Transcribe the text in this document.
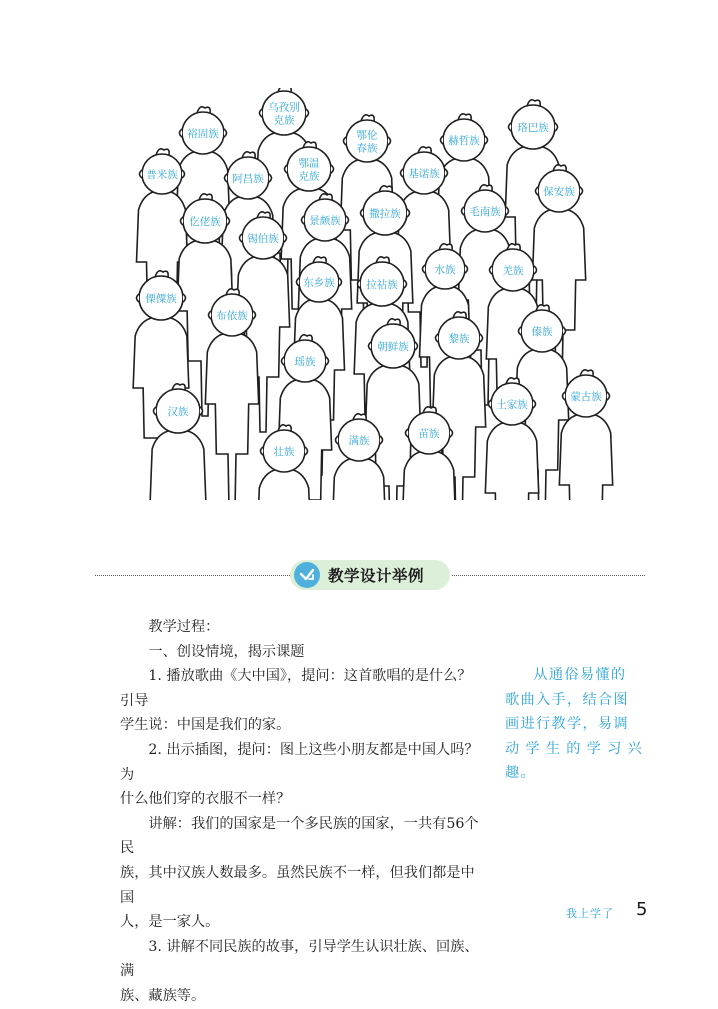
乌孜别
克族
裕固族	鄂伦
春族
赫哲族
珞巴族
普米族	阿昌族
鄂温
克族	基诺族
保安族
仡佬族
锡伯族
景颇族
撒拉族	毛南族
东乡族	拉祜族
水族	羌族
傈僳族
布依族
朝鲜族
黎族
傣族
瑶族
汉族
土家族
蒙古族
满族
苗族
壮族
教学设计举例

教学过程：

一、创设情境，揭示课题

1. 播放歌曲《大中国》，提问：这首歌唱的是什么？引导

学生说：中国是我们的家。

2. 出示插图，提问：图上这些小朋友都是中国人吗？为

什么他们穿的衣服不一样？

讲解：我们的国家是一个多民族的国家，一共有56个民

族，其中汉族人数最多。虽然民族不一样，但我们都是中国

人，是一家人。

3. 讲解不同民族的故事，引导学生认识壮族、回族、满

族、藏族等。

从通俗易懂的
歌曲入手，结合图
画进行教学，易调
动学生的学习兴趣。
我上学了 5
